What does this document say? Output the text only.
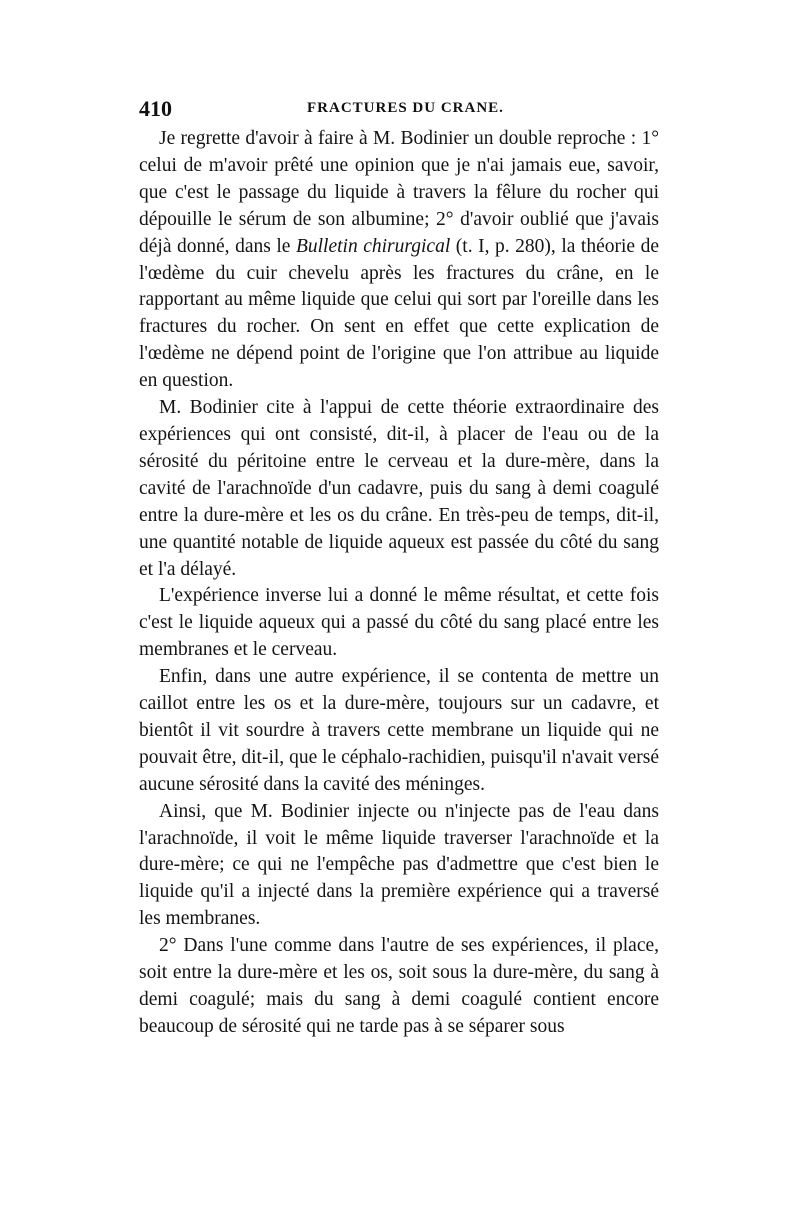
410	FRACTURES DU CRANE.

Je regrette d'avoir à faire à M. Bodinier un double reproche : 1° celui de m'avoir prêté une opinion que je n'ai jamais eue, savoir, que c'est le passage du liquide à travers la fêlure du rocher qui dépouille le sérum de son albumine; 2° d'avoir oublié que j'avais déjà donné, dans le Bulletin chirurgical (t. I, p. 280), la théorie de l'œdème du cuir chevelu après les fractures du crâne, en le rapportant au même liquide que celui qui sort par l'oreille dans les fractures du rocher. On sent en effet que cette explication de l'œdème ne dépend point de l'origine que l'on attribue au liquide en question.

M. Bodinier cite à l'appui de cette théorie extraordinaire des expériences qui ont consisté, dit-il, à placer de l'eau ou de la sérosité du péritoine entre le cerveau et la dure-mère, dans la cavité de l'arachnoïde d'un cadavre, puis du sang à demi coagulé entre la dure-mère et les os du crâne. En très-peu de temps, dit-il, une quantité notable de liquide aqueux est passée du côté du sang et l'a délayé.

L'expérience inverse lui a donné le même résultat, et cette fois c'est le liquide aqueux qui a passé du côté du sang placé entre les membranes et le cerveau.

Enfin, dans une autre expérience, il se contenta de mettre un caillot entre les os et la dure-mère, toujours sur un cadavre, et bientôt il vit sourdre à travers cette membrane un liquide qui ne pouvait être, dit-il, que le céphalo-rachidien, puisqu'il n'avait versé aucune sérosité dans la cavité des méninges.

Ainsi, que M. Bodinier injecte ou n'injecte pas de l'eau dans l'arachnoïde, il voit le même liquide traverser l'arachnoïde et la dure-mère; ce qui ne l'empêche pas d'admettre que c'est bien le liquide qu'il a injecté dans la première expérience qui a traversé les membranes.

2° Dans l'une comme dans l'autre de ses expériences, il place, soit entre la dure-mère et les os, soit sous la dure-mère, du sang à demi coagulé; mais du sang à demi coagulé contient encore beaucoup de sérosité qui ne tarde pas à se séparer sous
